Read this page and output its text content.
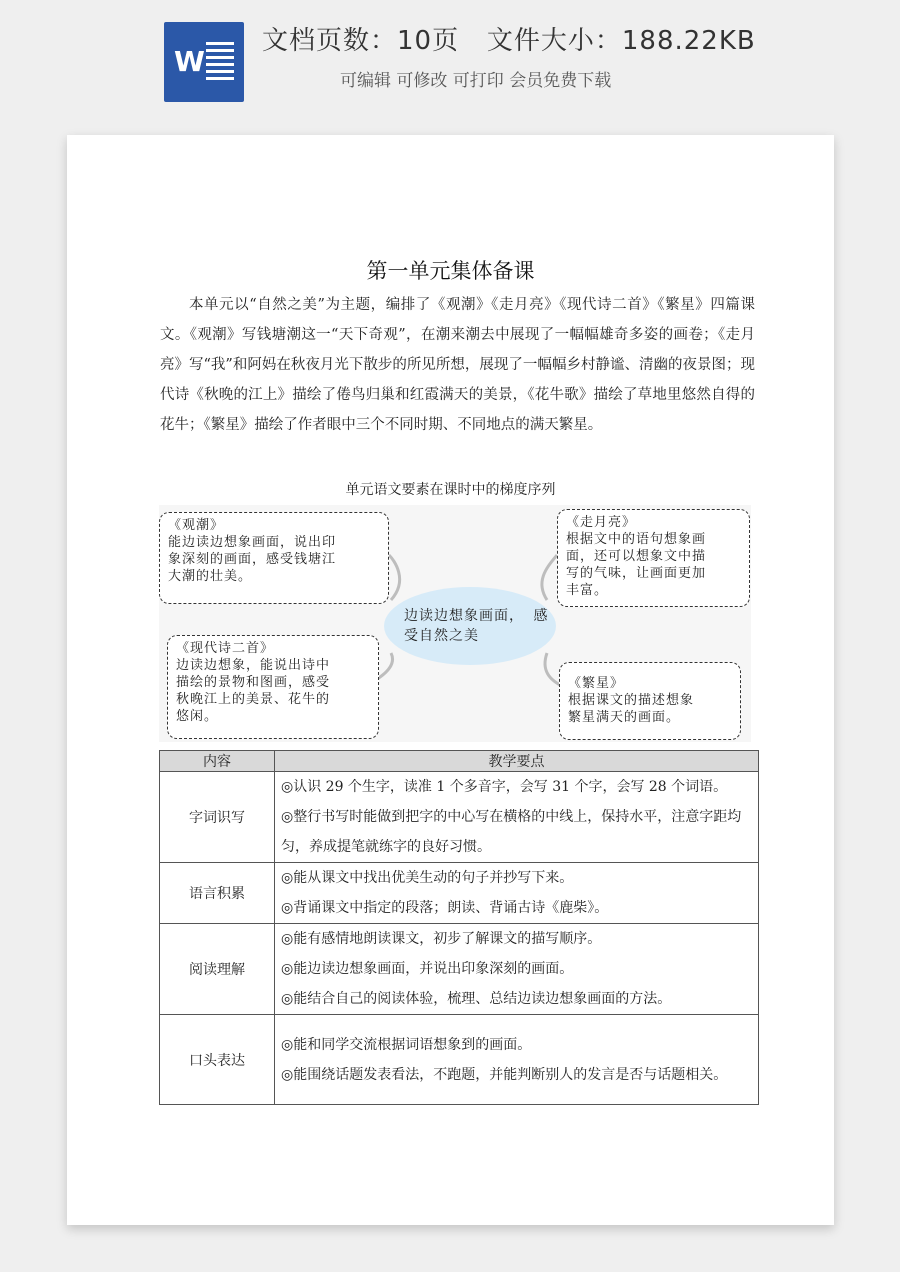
W
文档页数：10页   文件大小：188.22KB
可编辑 可修改 可打印 会员免费下载
第一单元集体备课
本单元以“自然之美”为主题，编排了《观潮》《走月亮》《现代诗二首》《繁星》四篇课文。《观潮》写钱塘潮这一“天下奇观”，在潮来潮去中展现了一幅幅雄奇多姿的画卷；《走月亮》写“我”和阿妈在秋夜月光下散步的所见所想，展现了一幅幅乡村静谧、清幽的夜景图；现代诗《秋晚的江上》描绘了倦鸟归巢和红霞满天的美景，《花牛歌》描绘了草地里悠然自得的花牛；《繁星》描绘了作者眼中三个不同时期、不同地点的满天繁星。
单元语文要素在课时中的梯度序列
《观潮》
能边读边想象画面，说出印
象深刻的画面，感受钱塘江
大潮的壮美。
《走月亮》
根据文中的语句想象画
面，还可以想象文中描
写的气味，让画面更加
丰富。
边读边想象画面， 感受自然之美
《现代诗二首》
边读边想象，能说出诗中
描绘的景物和图画，感受
秋晚江上的美景、花牛的
悠闲。
《繁星》
根据课文的描述想象
繁星满天的画面。
内容	教学要点
字词识写	◎认识 29 个生字，读准 1 个多音字，会写 31 个字，会写 28 个词语。
◎整行书写时能做到把字的中心写在横格的中线上，保持水平，注意字距均匀，养成提笔就练字的良好习惯。

语言积累	◎能从课文中找出优美生动的句子并抄写下来。
◎背诵课文中指定的段落；朗读、背诵古诗《鹿柴》。

阅读理解	◎能有感情地朗读课文，初步了解课文的描写顺序。
◎能边读边想象画面，并说出印象深刻的画面。
◎能结合自己的阅读体验，梳理、总结边读边想象画面的方法。

口头表达	◎能和同学交流根据词语想象到的画面。
◎能围绕话题发表看法，不跑题，并能判断别人的发言是否与话题相关。
